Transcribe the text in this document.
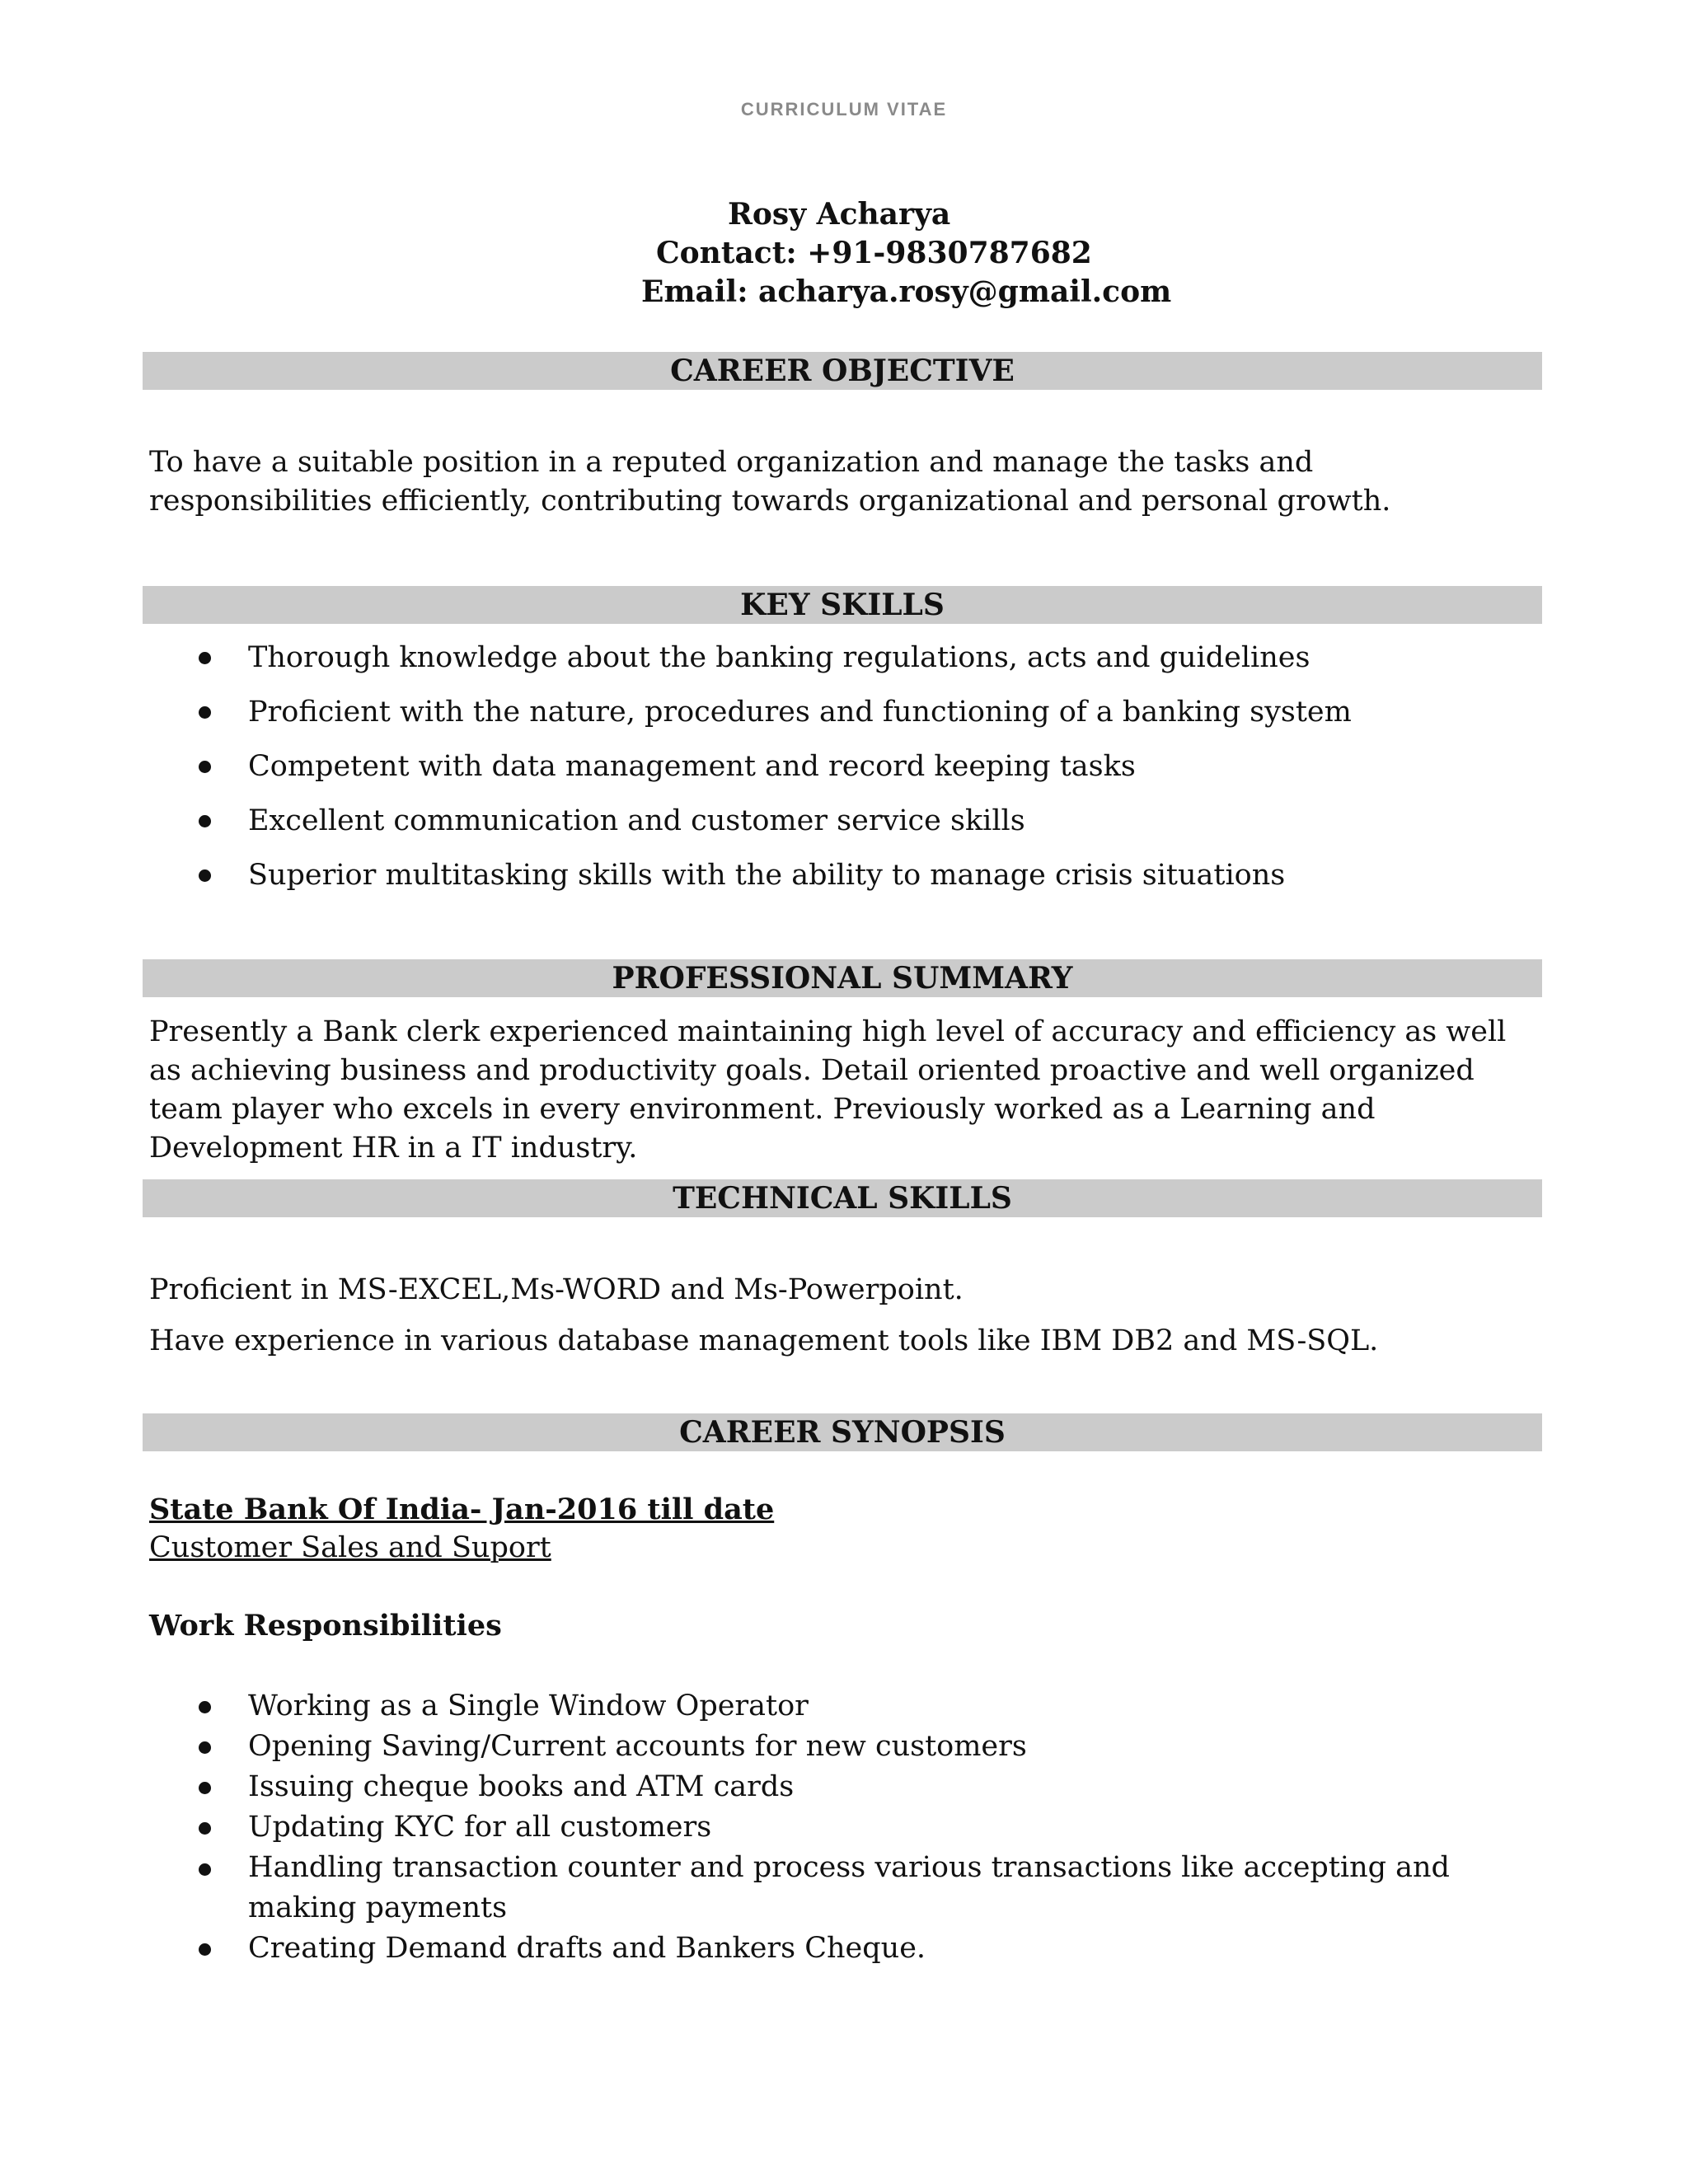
CURRICULUM VITAE
Rosy Acharya
Contact: +91-9830787682
Email: acharya.rosy@gmail.com
CAREER OBJECTIVE
To have a suitable position in a reputed organization and manage the tasks and responsibilities efficiently, contributing towards organizational and personal growth.
KEY SKILLS
Thorough knowledge about the banking regulations, acts and guidelines
Proficient with the nature, procedures and functioning of a banking system
Competent with data management and record keeping tasks
Excellent communication and customer service skills
Superior multitasking skills with the ability to manage crisis situations
PROFESSIONAL SUMMARY
Presently a Bank clerk experienced maintaining high level of accuracy and efficiency as well as achieving business and productivity goals. Detail oriented proactive and well organized team player who excels in every environment. Previously worked as a Learning and Development HR in a IT industry.
TECHNICAL SKILLS
Proficient in MS-EXCEL,Ms-WORD and Ms-Powerpoint.
Have experience in various database management tools like IBM DB2 and MS-SQL.
CAREER SYNOPSIS
State Bank Of India- Jan-2016 till date
Customer Sales and Suport
Work Responsibilities
Working as a Single Window Operator
Opening Saving/Current accounts for new customers
Issuing cheque books and ATM cards
Updating KYC for all customers
Handling transaction counter and process various transactions like accepting and making payments
Creating Demand drafts and Bankers Cheque.
